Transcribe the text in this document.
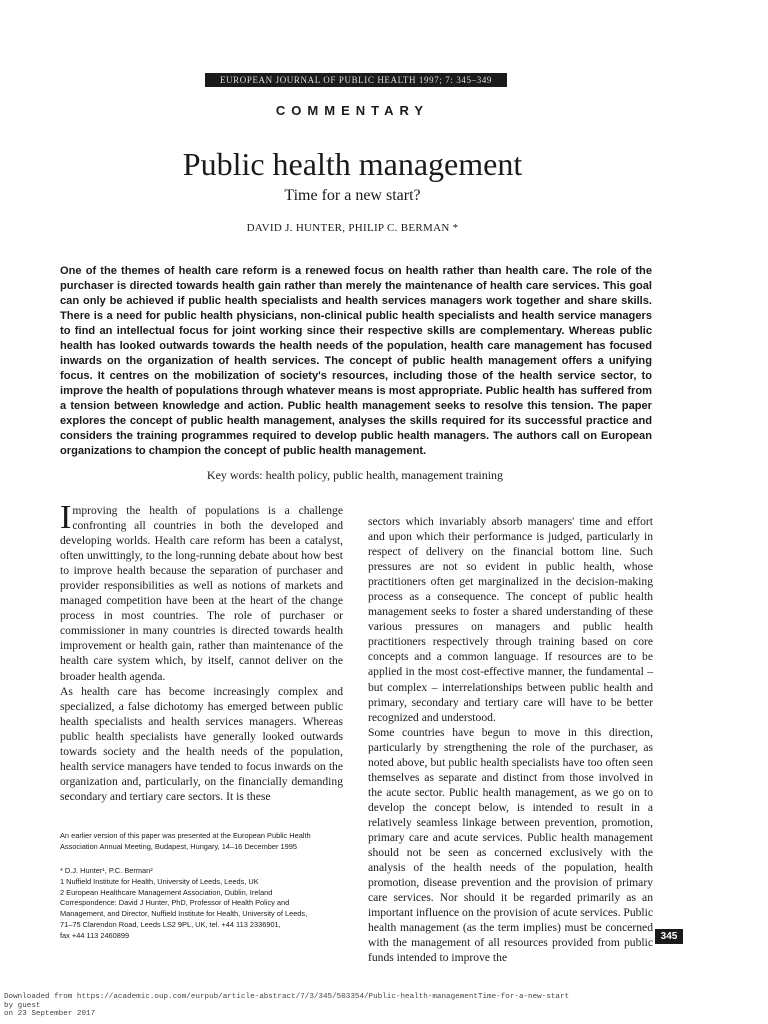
EUROPEAN JOURNAL OF PUBLIC HEALTH 1997; 7: 345–349
COMMENTARY
Public health management
Time for a new start?
DAVID J. HUNTER, PHILIP C. BERMAN *

One of the themes of health care reform is a renewed focus on health rather than health care. The role of the purchaser is directed towards health gain rather than merely the maintenance of health care services. This goal can only be achieved if public health specialists and health services managers work together and share skills. There is a need for public health physicians, non-clinical public health specialists and health service managers to find an intellectual focus for joint working since their respective skills are complementary. Whereas public health has looked outwards towards the health needs of the population, health care management has focused inwards on the organization of health services. The concept of public health management offers a unifying focus. It centres on the mobilization of society's resources, including those of the health service sector, to improve the health of populations through whatever means is most appropriate. Public health has suffered from a tension between knowledge and action. Public health management seeks to resolve this tension. The paper explores the concept of public health management, analyses the skills required for its successful practice and considers the training programmes required to develop public health managers. The authors call on European organizations to champion the concept of public health management.

Key words: health policy, public health, management training

Improving the health of populations is a challenge confronting all countries in both the developed and developing worlds. Health care reform has been a catalyst, often unwittingly, to the long-running debate about how best to improve health because the separation of purchaser and provider responsibilities as well as notions of markets and managed competition have been at the heart of the change process in most countries. The role of purchaser or commissioner in many countries is directed towards health improvement or health gain, rather than maintenance of the health care system which, by itself, cannot deliver on the broader health agenda.

As health care has become increasingly complex and specialized, a false dichotomy has emerged between public health specialists and health services managers. Whereas public health specialists have generally looked outwards towards society and the health needs of the population, health service managers have tended to focus inwards on the organization and, particularly, on the financially demanding secondary and tertiary care sectors. It is these

sectors which invariably absorb managers' time and effort and upon which their performance is judged, particularly in respect of delivery on the financial bottom line. Such pressures are not so evident in public health, whose practitioners often get marginalized in the decision-making process as a consequence. The concept of public health management seeks to foster a shared understanding of these various pressures on managers and public health practitioners respectively through training based on core concepts and a common language. If resources are to be applied in the most cost-effective manner, the fundamental – but complex – interrelationships between public health and primary, secondary and tertiary care will have to be better recognized and understood.

Some countries have begun to move in this direction, particularly by strengthening the role of the purchaser, as noted above, but public health specialists have too often seen themselves as separate and distinct from those involved in the acute sector. Public health management, as we go on to develop the concept below, is intended to result in a relatively seamless linkage between prevention, promotion, primary care and acute services. Public health management should not be seen as concerned exclusively with the analysis of the health needs of the population, health promotion, disease prevention and the provision of primary care services. Nor should it be regarded primarily as an important influence on the provision of acute services. Public health management (as the term implies) must be concerned with the management of all resources provided from public funds intended to improve the

An earlier version of this paper was presented at the European Public Health Association Annual Meeting, Budapest, Hungary, 14–16 December 1995
* D.J. Hunter¹, P.C. Berman²
1 Nuffield Institute for Health, University of Leeds, Leeds, UK
2 European Healthcare Management Association, Dublin, Ireland
Correspondence: David J Hunter, PhD, Professor of Health Policy and
Management, and Director, Nuffield Institute for Health, University of Leeds,
71–75 Clarendon Road, Leeds LS2 9PL, UK, tel. +44 113 2336901,
fax +44 113 2460899	345
Downloaded from https://academic.oup.com/eurpub/article-abstract/7/3/345/503354/Public-health-managementTime-for-a-new-start
by guest
on 23 September 2017
